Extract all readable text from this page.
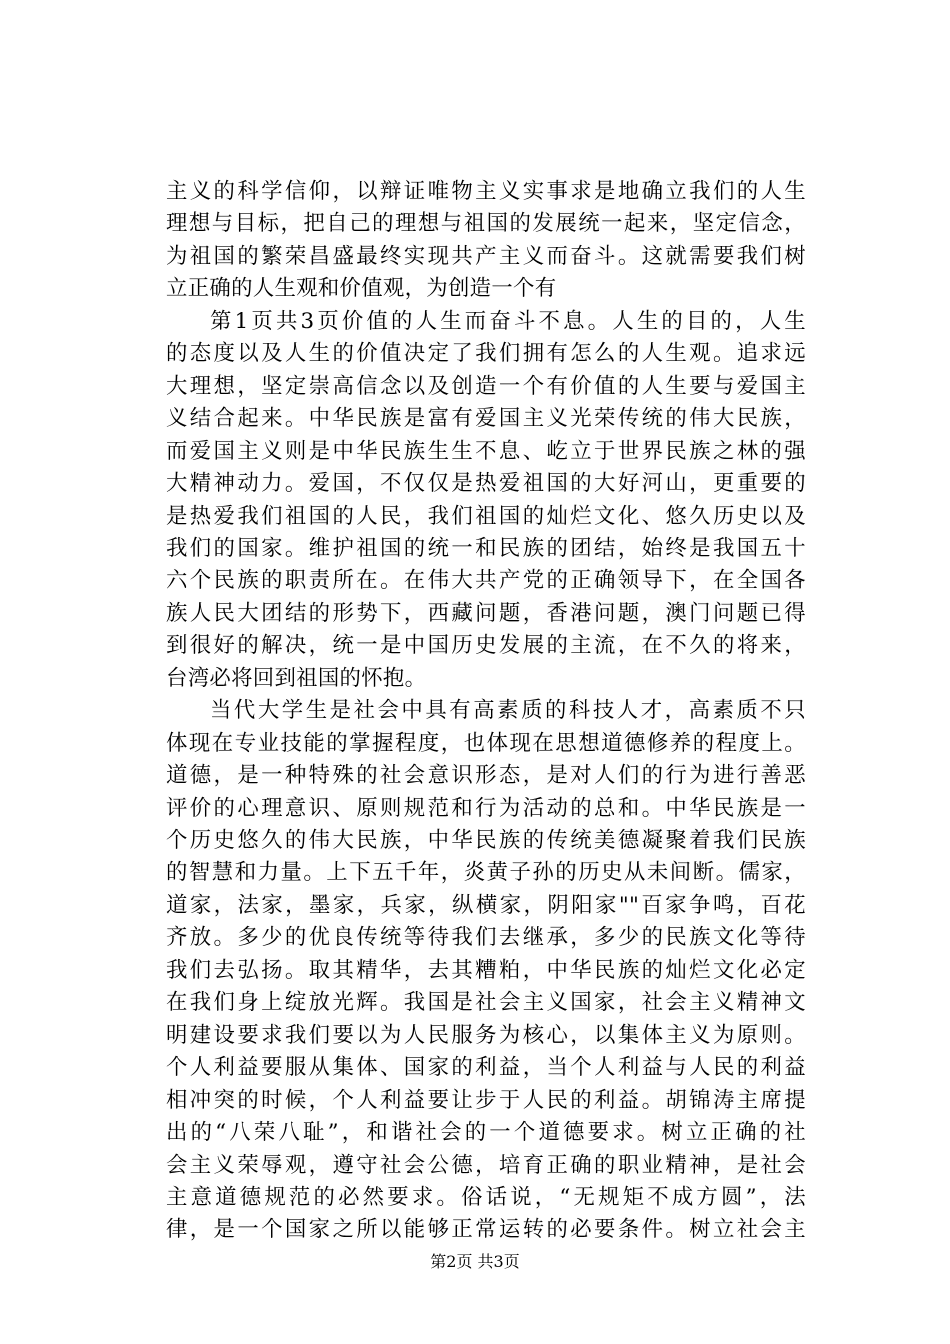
主义的科学信仰，以辩证唯物主义实事求是地确立我们的人生
理想与目标，把自己的理想与祖国的发展统一起来，坚定信念，
为祖国的繁荣昌盛最终实现共产主义而奋斗。这就需要我们树
立正确的人生观和价值观，为创造一个有
第1页共3页价值的人生而奋斗不息。人生的目的，人生
的态度以及人生的价值决定了我们拥有怎么的人生观。追求远
大理想，坚定崇高信念以及创造一个有价值的人生要与爱国主
义结合起来。中华民族是富有爱国主义光荣传统的伟大民族，
而爱国主义则是中华民族生生不息、屹立于世界民族之林的强
大精神动力。爱国，不仅仅是热爱祖国的大好河山，更重要的
是热爱我们祖国的人民，我们祖国的灿烂文化、悠久历史以及
我们的国家。维护祖国的统一和民族的团结，始终是我国五十
六个民族的职责所在。在伟大共产党的正确领导下，在全国各
族人民大团结的形势下，西藏问题，香港问题，澳门问题已得
到很好的解决，统一是中国历史发展的主流，在不久的将来，
台湾必将回到祖国的怀抱。
当代大学生是社会中具有高素质的科技人才，高素质不只
体现在专业技能的掌握程度，也体现在思想道德修养的程度上。
道德，是一种特殊的社会意识形态，是对人们的行为进行善恶
评价的心理意识、原则规范和行为活动的总和。中华民族是一
个历史悠久的伟大民族，中华民族的传统美德凝聚着我们民族
的智慧和力量。上下五千年，炎黄子孙的历史从未间断。儒家，
道家，法家，墨家，兵家，纵横家，阴阳家""百家争鸣，百花
齐放。多少的优良传统等待我们去继承，多少的民族文化等待
我们去弘扬。取其精华，去其糟粕，中华民族的灿烂文化必定
在我们身上绽放光辉。我国是社会主义国家，社会主义精神文
明建设要求我们要以为人民服务为核心，以集体主义为原则。
个人利益要服从集体、国家的利益，当个人利益与人民的利益
相冲突的时候，个人利益要让步于人民的利益。胡锦涛主席提
出的“八荣八耻”，和谐社会的一个道德要求。树立正确的社
会主义荣辱观，遵守社会公德，培育正确的职业精神，是社会
主意道德规范的必然要求。俗话说，“无规矩不成方圆”，法
律，是一个国家之所以能够正常运转的必要条件。树立社会主
第2页 共3页
